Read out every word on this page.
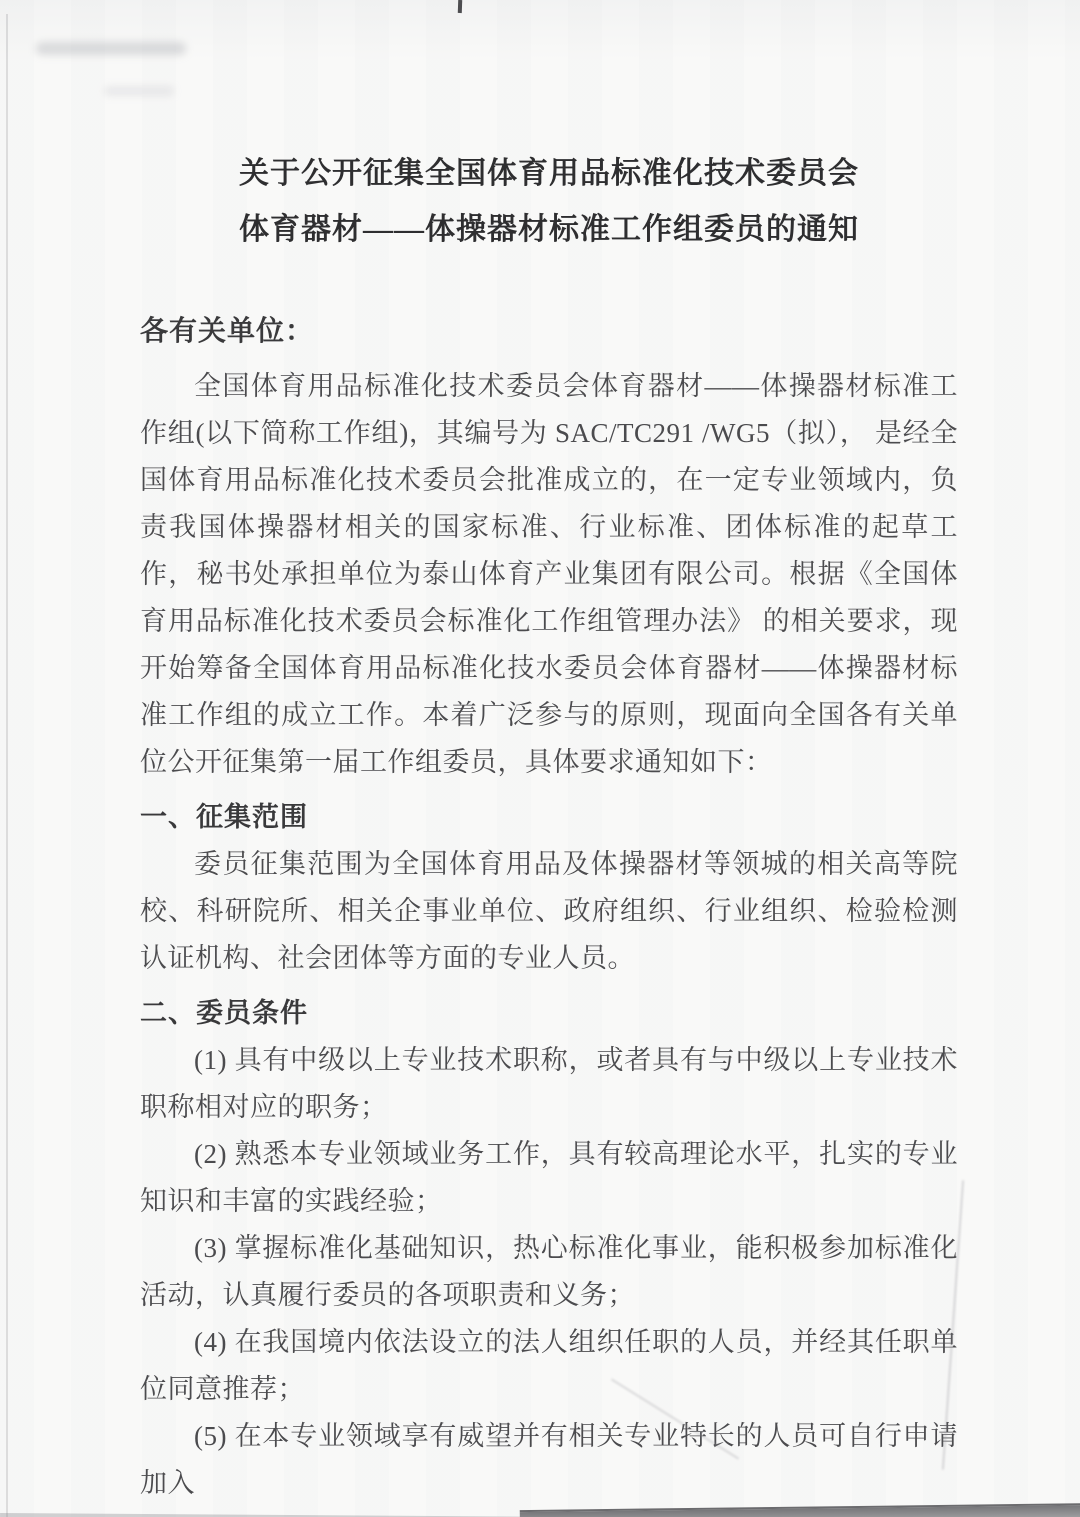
关于公开征集全国体育用品标准化技术委员会
体育器材——体操器材标准工作组委员的通知

各有关单位：

全国体育用品标准化技术委员会体育器材——体操器材标准工作组(以下简称工作组)，其编号为 SAC/TC291 /WG5（拟）， 是经全国体育用品标准化技术委员会批准成立的，在一定专业领域内，负责我国体操器材相关的国家标准、行业标准、团体标准的起草工作，秘书处承担单位为泰山体育产业集团有限公司。根据《全国体育用品标准化技术委员会标准化工作组管理办法》 的相关要求，现开始筹备全国体育用品标准化技水委员会体育器材——体操器材标准工作组的成立工作。本着广泛参与的原则，现面向全国各有关单位公开征集第一届工作组委员，具体要求通知如下：

一、征集范围

委员征集范围为全国体育用品及体操器材等领城的相关高等院校、科研院所、相关企事业单位、政府组织、行业组织、检验检测认证机构、社会团体等方面的专业人员。

二、委员条件

(1) 具有中级以上专业技术职称，或者具有与中级以上专业技术职称相对应的职务；

(2) 熟悉本专业领域业务工作，具有较高理论水平，扎实的专业知识和丰富的实践经验；

(3) 掌握标准化基础知识，热心标准化事业，能积极参加标准化活动，认真履行委员的各项职责和义务；

(4) 在我国境内依法设立的法人组织任职的人员，并经其任职单位同意推荐；

(5) 在本专业领域享有威望并有相关专业特长的人员可自行申请加入
